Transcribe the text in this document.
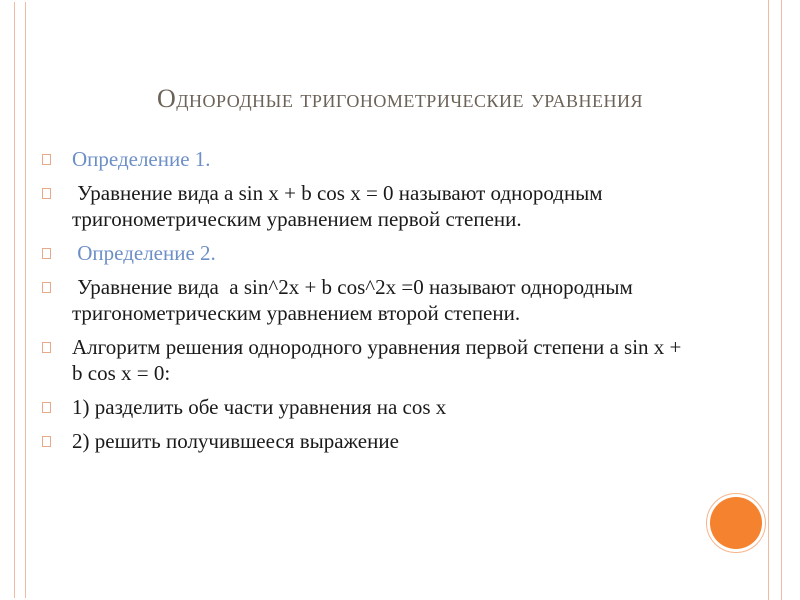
Однородные тригонометрические уравнения
Определение 1.
Уравнение вида a sin x + b cos x = 0 называют однородным тригонометрическим уравнением первой степени.
Определение 2.
Уравнение вида  a sin^2x + b cos^2x =0 называют однородным тригонометрическим уравнением второй степени.
Алгоритм решения однородного уравнения первой степени a sin x + b cos x = 0:
1) разделить обе части уравнения на cos x
2) решить получившееся выражение
